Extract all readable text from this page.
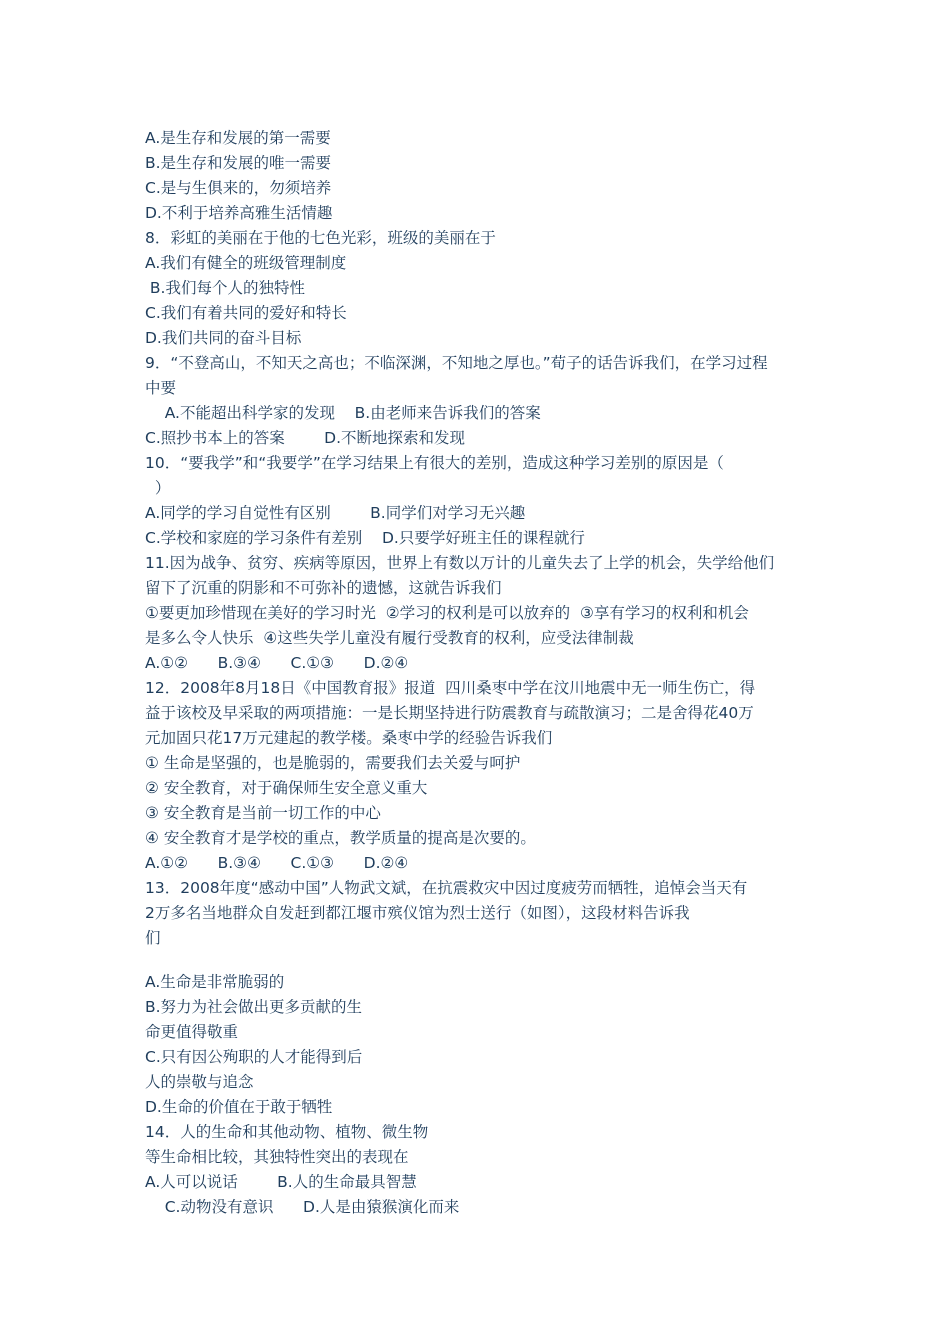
A.是生存和发展的第一需要
B.是生存和发展的唯一需要
C.是与生俱来的，勿须培养
D.不利于培养高雅生活情趣
8．彩虹的美丽在于他的七色光彩，班级的美丽在于
A.我们有健全的班级管理制度
B.我们每个人的独特性
C.我们有着共同的爱好和特长
D.我们共同的奋斗目标
9．“不登高山，不知天之高也；不临深渊，不知地之厚也。”荀子的话告诉我们，在学习过程
中要
A.不能超出科学家的发现    B.由老师来告诉我们的答案
C.照抄书本上的答案        D.不断地探索和发现
10．“要我学”和“我要学”在学习结果上有很大的差别，造成这种学习差别的原因是（
）
A.同学的学习自觉性有区别        B.同学们对学习无兴趣
C.学校和家庭的学习条件有差别    D.只要学好班主任的课程就行
11.因为战争、贫穷、疾病等原因，世界上有数以万计的儿童失去了上学的机会，失学给他们
留下了沉重的阴影和不可弥补的遗憾，这就告诉我们
①要更加珍惜现在美好的学习时光  ②学习的权利是可以放弃的  ③享有学习的权利和机会
是多么令人快乐  ④这些失学儿童没有履行受教育的权利，应受法律制裁
A.①②      B.③④      C.①③      D.②④
12．2008年8月18日《中国教育报》报道  四川桑枣中学在汶川地震中无一师生伤亡，得
益于该校及早采取的两项措施：一是长期坚持进行防震教育与疏散演习；二是舍得花40万
元加固只花17万元建起的教学楼。桑枣中学的经验告诉我们
① 生命是坚强的，也是脆弱的，需要我们去关爱与呵护
② 安全教育，对于确保师生安全意义重大
③ 安全教育是当前一切工作的中心
④ 安全教育才是学校的重点，教学质量的提高是次要的。
A.①②      B.③④      C.①③      D.②④
13．2008年度“感动中国”人物武文斌，在抗震救灾中因过度疲劳而牺牲，追悼会当天有
2万多名当地群众自发赶到都江堰市殡仪馆为烈士送行（如图），这段材料告诉我
们
A.生命是非常脆弱的
B.努力为社会做出更多贡献的生
命更值得敬重
C.只有因公殉职的人才能得到后
人的崇敬与追念
D.生命的价值在于敢于牺牲
14．人的生命和其他动物、植物、微生物
等生命相比较，其独特性突出的表现在
A.人可以说话        B.人的生命最具智慧
C.动物没有意识      D.人是由猿猴演化而来
